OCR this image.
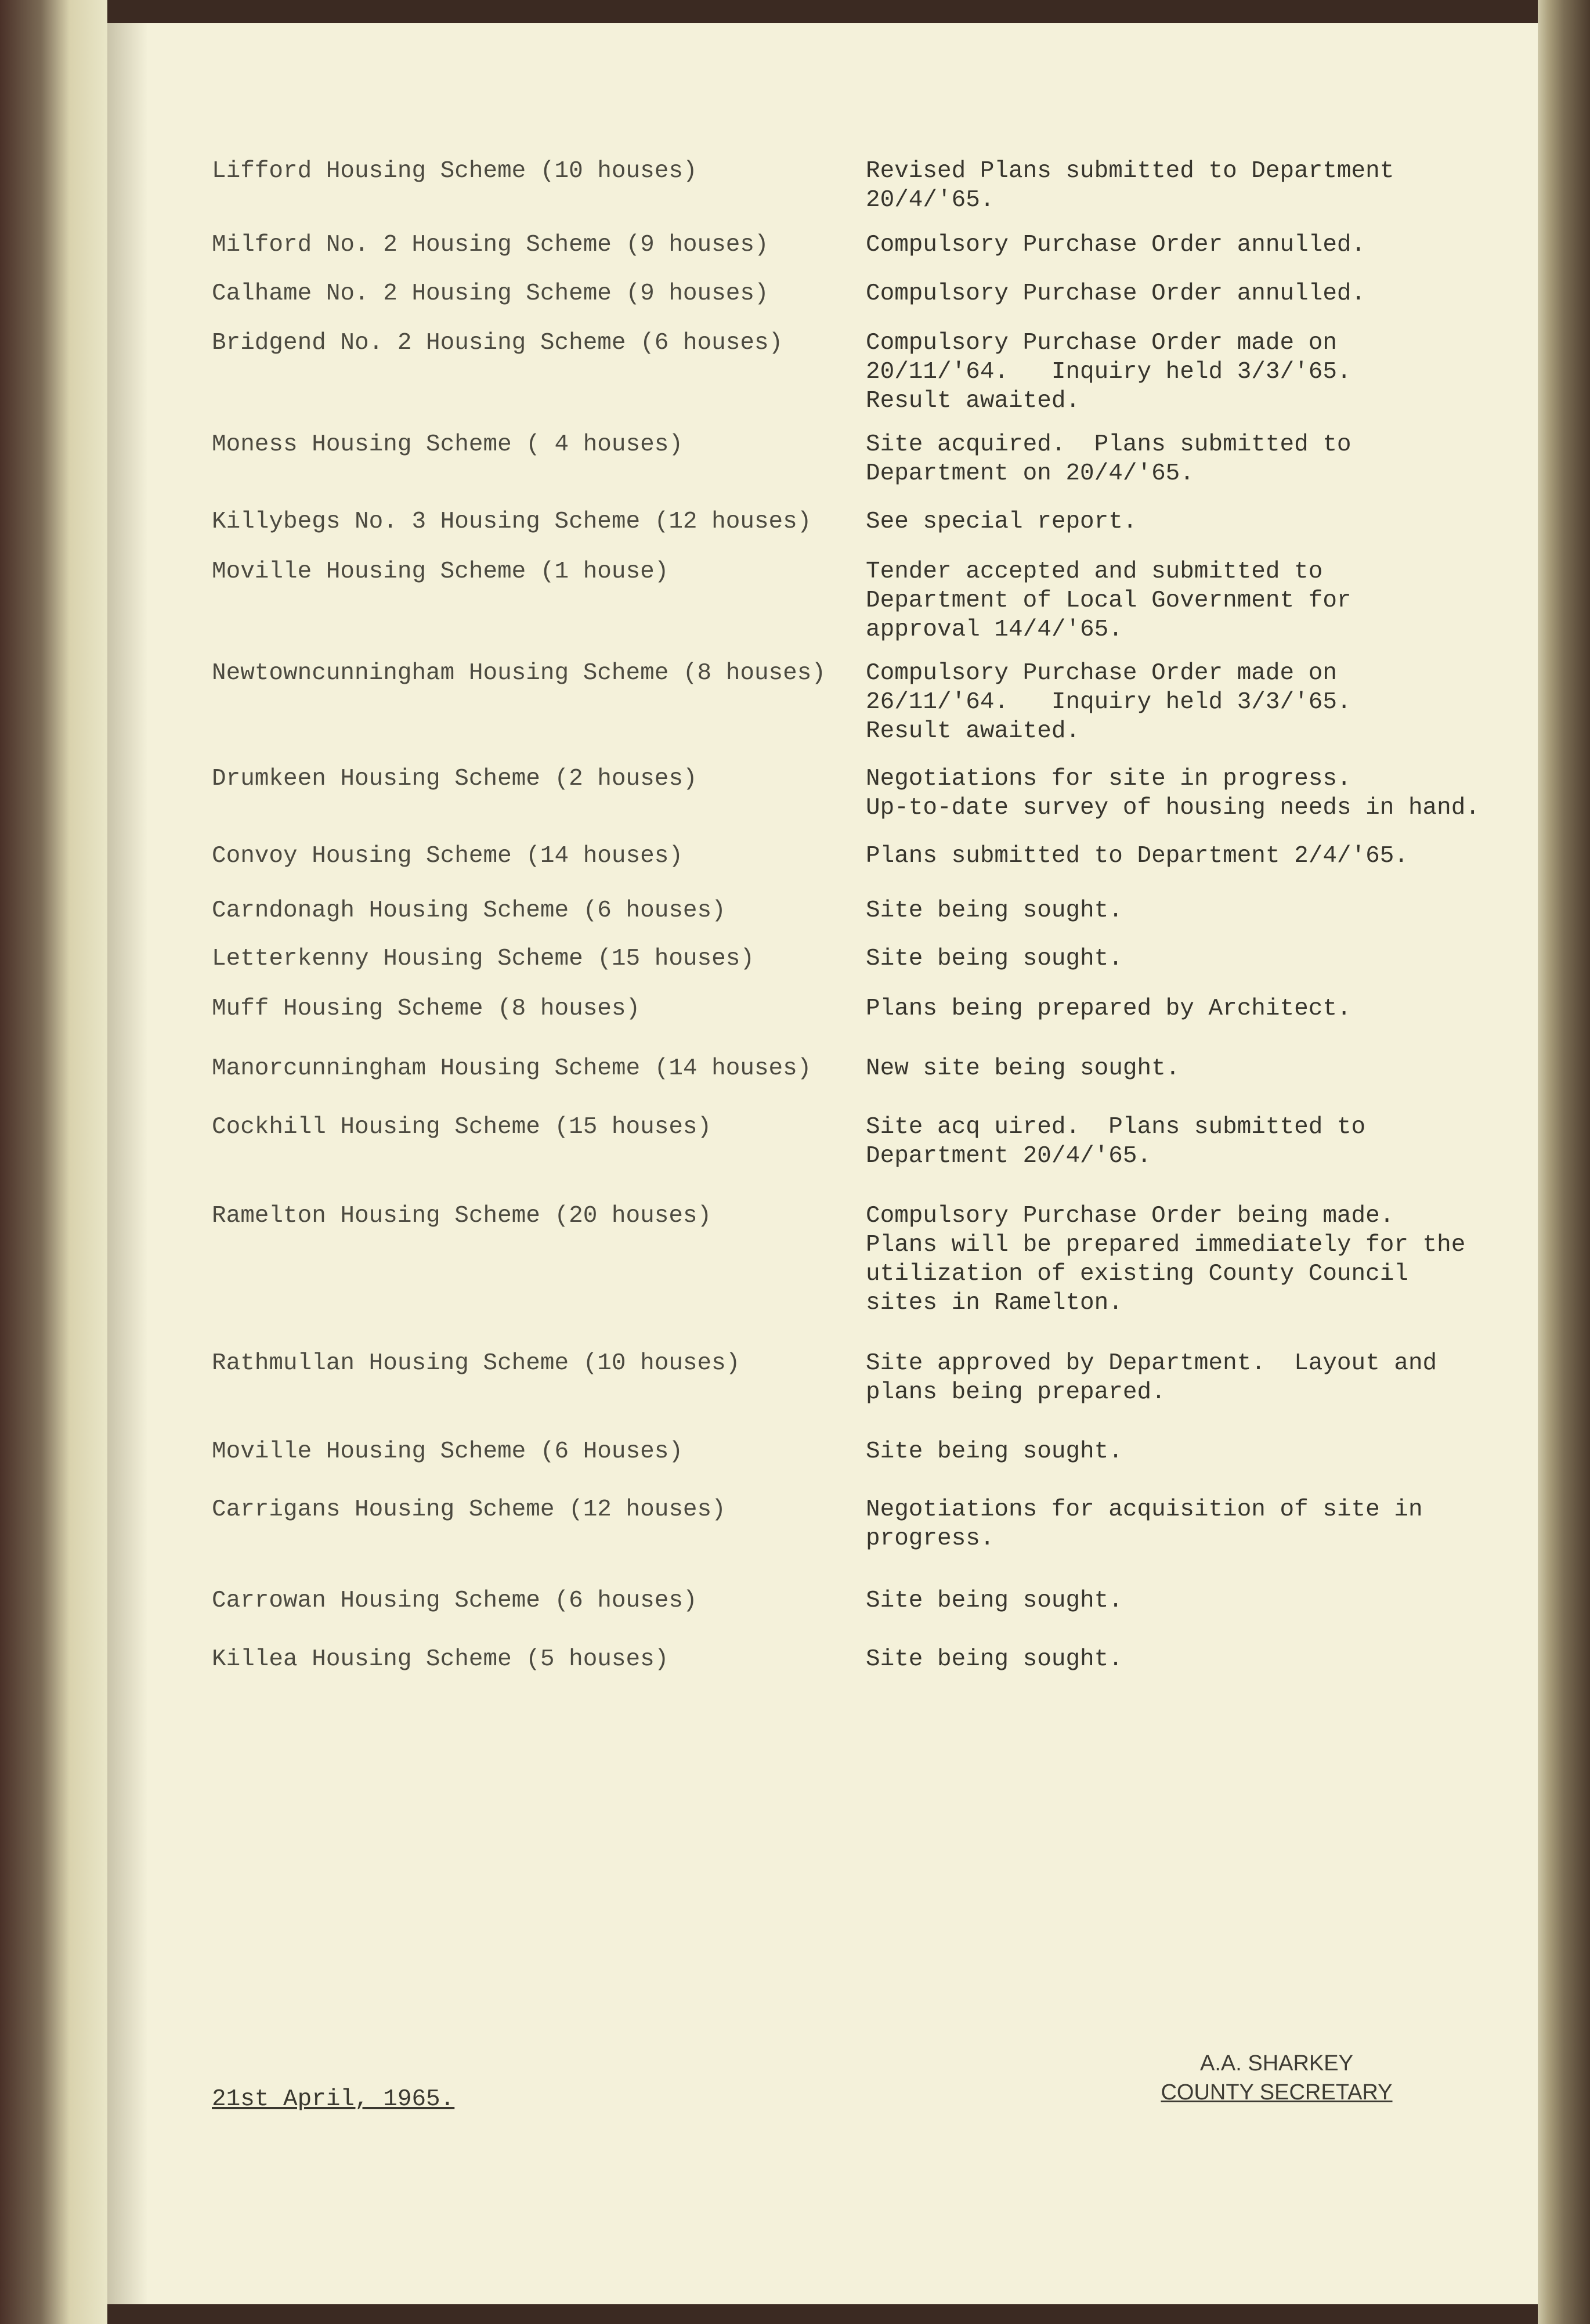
Lifford Housing Scheme (10 houses)	Revised Plans submitted to Department
20/4/'65.
Milford No. 2 Housing Scheme (9 houses)	Compulsory Purchase Order annulled.
Calhame No. 2 Housing Scheme (9 houses)	Compulsory Purchase Order annulled.
Bridgend No. 2 Housing Scheme (6 houses)	Compulsory Purchase Order made on
20/11/'64.   Inquiry held 3/3/'65.
Result awaited.
Moness Housing Scheme ( 4 houses)	Site acquired.  Plans submitted to
Department on 20/4/'65.
Killybegs No. 3 Housing Scheme (12 houses)	See special report.
Moville Housing Scheme (1 house)	Tender accepted and submitted to
Department of Local Government for
approval 14/4/'65.
Newtowncunningham Housing Scheme (8 houses)	Compulsory Purchase Order made on
26/11/'64.   Inquiry held 3/3/'65.
Result awaited.
Drumkeen Housing Scheme (2 houses)	Negotiations for site in progress.
Up-to-date survey of housing needs in hand.
Convoy Housing Scheme (14 houses)	Plans submitted to Department 2/4/'65.
Carndonagh Housing Scheme (6 houses)	Site being sought.
Letterkenny Housing Scheme (15 houses)	Site being sought.
Muff Housing Scheme (8 houses)	Plans being prepared by Architect.
Manorcunningham Housing Scheme (14 houses)	New site being sought.
Cockhill Housing Scheme (15 houses)	Site acq uired.  Plans submitted to
Department 20/4/'65.
Ramelton Housing Scheme (20 houses)	Compulsory Purchase Order being made.
Plans will be prepared immediately for the
utilization of existing County Council
sites in Ramelton.
Rathmullan Housing Scheme (10 houses)	Site approved by Department.  Layout and
plans being prepared.
Moville Housing Scheme (6 Houses)	Site being sought.
Carrigans Housing Scheme (12 houses)	Negotiations for acquisition of site in
progress.
Carrowan Housing Scheme (6 houses)	Site being sought.
Killea Housing Scheme (5 houses)	Site being sought.
21st April, 1965.
A.A. SHARKEY
COUNTY SECRETARY
